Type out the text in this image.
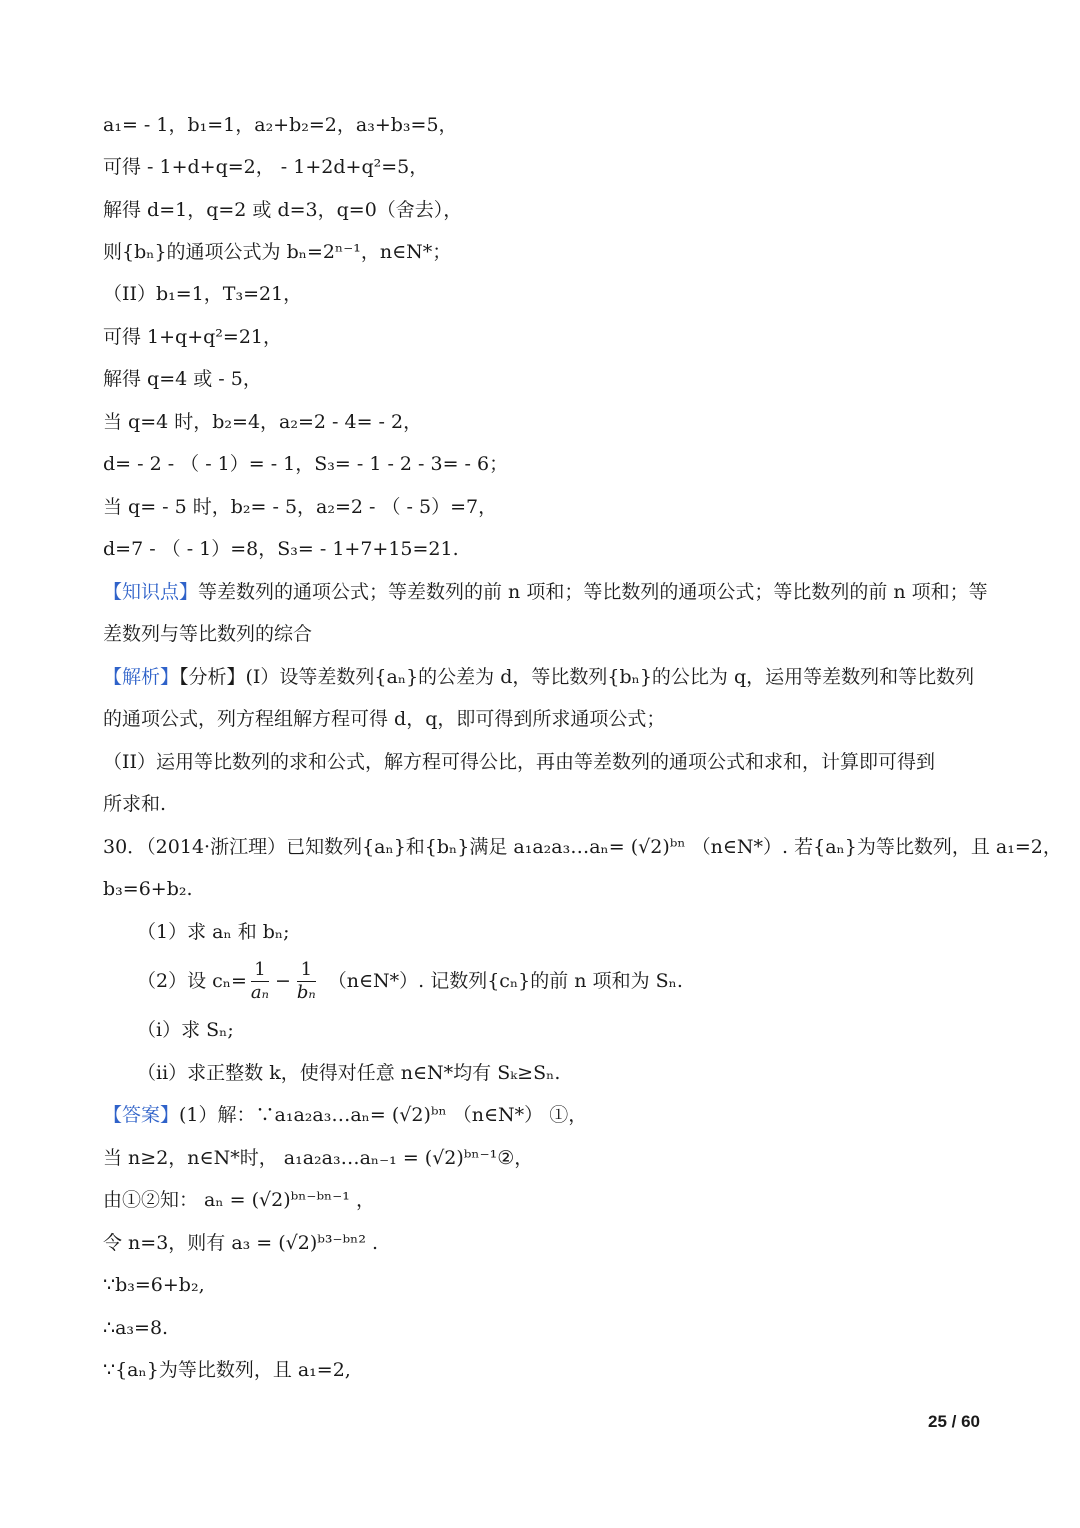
a₁= - 1，b₁=1，a₂+b₂=2，a₃+b₃=5，
可得 - 1+d+q=2， - 1+2d+q²=5，
解得 d=1，q=2 或 d=3，q=0（舍去），
则{bₙ}的通项公式为 bₙ=2ⁿ⁻¹，n∈N*；
（II）b₁=1，T₃=21，
可得 1+q+q²=21，
解得 q=4 或 - 5，
当 q=4 时，b₂=4，a₂=2 - 4= - 2，
d= - 2 - （ - 1）= - 1，S₃= - 1 - 2 - 3= - 6；
当 q= - 5 时，b₂= - 5，a₂=2 - （ - 5）=7，
d=7 - （ - 1）=8，S₃= - 1+7+15=21.
【知识点】等差数列的通项公式；等差数列的前 n 项和；等比数列的通项公式；等比数列的前 n 项和；等
差数列与等比数列的综合
【解析】【分析】(I）设等差数列{aₙ}的公差为 d，等比数列{bₙ}的公比为 q，运用等差数列和等比数列
的通项公式，列方程组解方程可得 d，q，即可得到所求通项公式；
（II）运用等比数列的求和公式，解方程可得公比，再由等差数列的通项公式和求和，计算即可得到
所求和.
30．（2014·浙江理）已知数列{aₙ}和{bₙ}满足 a₁a₂a₃…aₙ= (√2)ᵇⁿ （n∈N*）. 若{aₙ}为等比数列，且 a₁=2，
b₃=6+b₂.
（1）求 aₙ 和 bₙ;
（2）设 $c_n= \frac{1}{\text{aₙ}} - \frac{1}{\text{bₙ}}$ （n∈N*）. 记数列{cₙ}的前 n 项和为 Sₙ.
（i）求 Sₙ;
（ii）求正整数 k，使得对任意 n∈N*均有 Sₖ≥Sₙ.
【答案】(1）解：∵a₁a₂a₃…aₙ= (√2)ᵇⁿ （n∈N*） ①，
当 n≥2，n∈N*时， a₁a₂a₃…aₙ₋₁ = (√2)ᵇⁿ⁻¹②，
由①②知： aₙ = (√2)ᵇⁿ⁻ᵇⁿ⁻¹ ，
令 n=3，则有 a₃ = (√2)ᵇ³⁻ᵇⁿ² .
∵b₃=6+b₂,
∴a₃=8.
∵{aₙ}为等比数列，且 a₁=2,
25 / 60
